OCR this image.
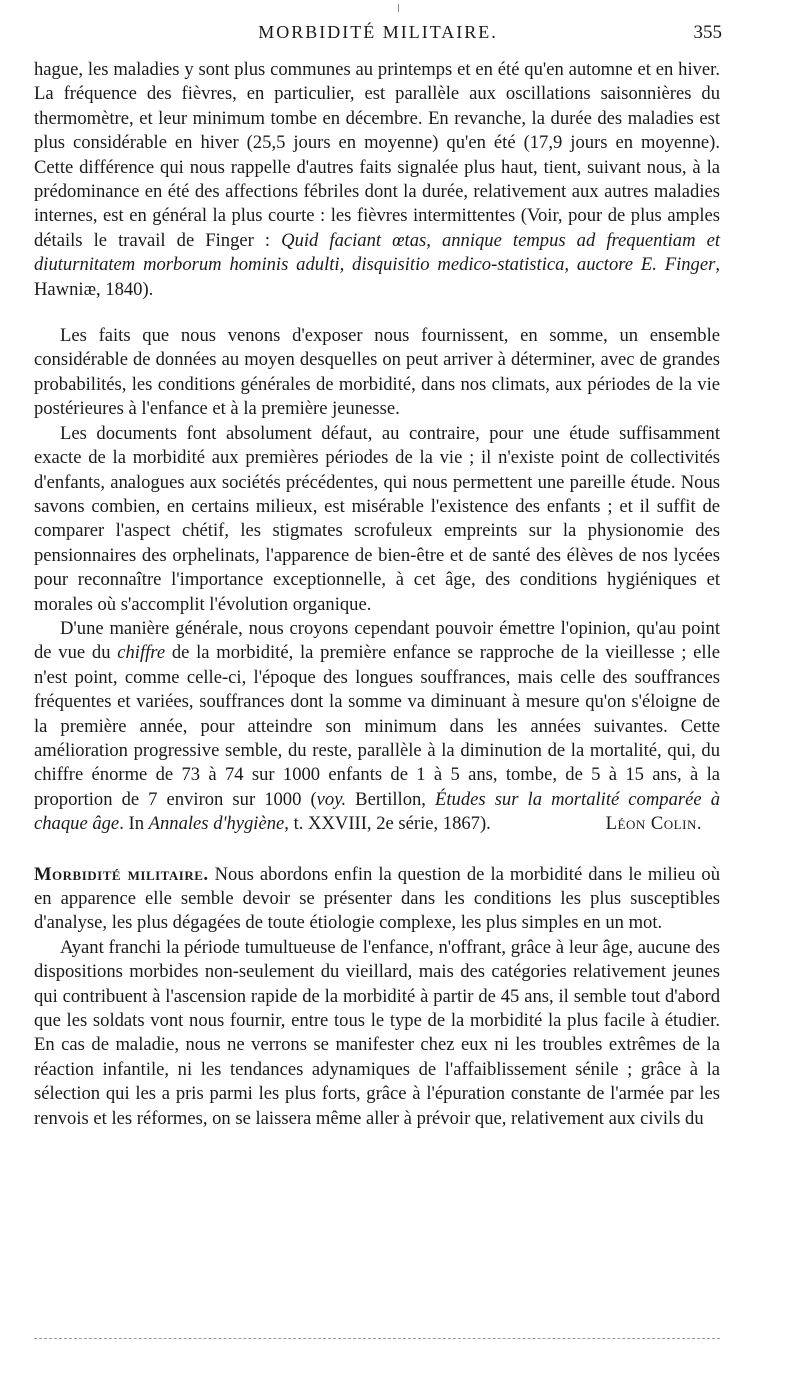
MORBIDITÉ MILITAIRE.	355

hague, les maladies y sont plus communes au printemps et en été qu'en automne et en hiver. La fréquence des fièvres, en particulier, est parallèle aux oscillations saisonnières du thermomètre, et leur minimum tombe en décembre. En revanche, la durée des maladies est plus considérable en hiver (25,5 jours en moyenne) qu'en été (17,9 jours en moyenne). Cette différence qui nous rappelle d'autres faits signalée plus haut, tient, suivant nous, à la prédominance en été des affections fébriles dont la durée, relativement aux autres maladies internes, est en général la plus courte : les fièvres intermittentes (Voir, pour de plus amples détails le travail de Finger : Quid faciant œtas, annique tempus ad frequentiam et diuturnitatem morborum hominis adulti, disquisitio medico-statistica, auctore E. Finger, Hawniæ, 1840).

Les faits que nous venons d'exposer nous fournissent, en somme, un ensemble considérable de données au moyen desquelles on peut arriver à déterminer, avec de grandes probabilités, les conditions générales de morbidité, dans nos climats, aux périodes de la vie postérieures à l'enfance et à la première jeunesse.

Les documents font absolument défaut, au contraire, pour une étude suffisamment exacte de la morbidité aux premières périodes de la vie ; il n'existe point de collectivités d'enfants, analogues aux sociétés précédentes, qui nous permettent une pareille étude. Nous savons combien, en certains milieux, est misérable l'existence des enfants ; et il suffit de comparer l'aspect chétif, les stigmates scrofuleux empreints sur la physionomie des pensionnaires des orphelinats, l'apparence de bien-être et de santé des élèves de nos lycées pour reconnaître l'importance exceptionnelle, à cet âge, des conditions hygiéniques et morales où s'accomplit l'évolution organique.

D'une manière générale, nous croyons cependant pouvoir émettre l'opinion, qu'au point de vue du chiffre de la morbidité, la première enfance se rapproche de la vieillesse ; elle n'est point, comme celle-ci, l'époque des longues souffrances, mais celle des souffrances fréquentes et variées, souffrances dont la somme va diminuant à mesure qu'on s'éloigne de la première année, pour atteindre son minimum dans les années suivantes. Cette amélioration progressive semble, du reste, parallèle à la diminution de la mortalité, qui, du chiffre énorme de 73 à 74 sur 1000 enfants de 1 à 5 ans, tombe, de 5 à 15 ans, à la proportion de 7 environ sur 1000 (voy. Bertillon, Études sur la mortalité comparée à chaque âge. In Annales d'hygiène, t. XXVIII, 2e série, 1867).	Léon Colin.

Morbidité militaire. Nous abordons enfin la question de la morbidité dans le milieu où en apparence elle semble devoir se présenter dans les conditions les plus susceptibles d'analyse, les plus dégagées de toute étiologie complexe, les plus simples en un mot.

Ayant franchi la période tumultueuse de l'enfance, n'offrant, grâce à leur âge, aucune des dispositions morbides non-seulement du vieillard, mais des catégories relativement jeunes qui contribuent à l'ascension rapide de la morbidité à partir de 45 ans, il semble tout d'abord que les soldats vont nous fournir, entre tous le type de la morbidité la plus facile à étudier. En cas de maladie, nous ne verrons se manifester chez eux ni les troubles extrêmes de la réaction infantile, ni les tendances adynamiques de l'affaiblissement sénile ; grâce à la sélection qui les a pris parmi les plus forts, grâce à l'épuration constante de l'armée par les renvois et les réformes, on se laissera même aller à prévoir que, relativement aux civils du
